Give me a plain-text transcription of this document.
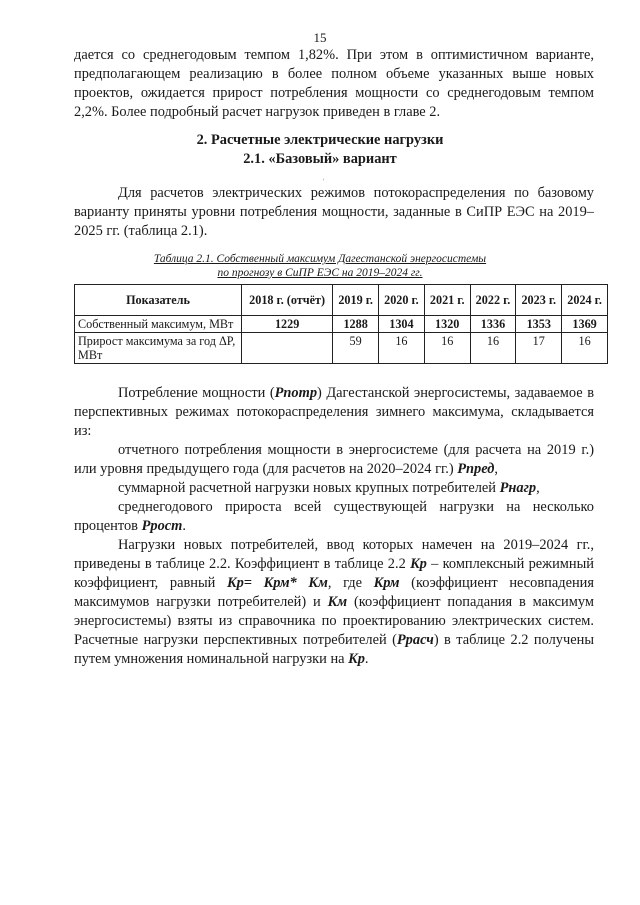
15

дается со среднегодовым темпом 1,82%. При этом в оптимистичном варианте, предполагающем реализацию в более полном объеме указанных выше новых проектов, ожидается прирост потребления мощности со среднегодовым темпом 2,2%. Более подробный расчет нагрузок приведен в главе 2.

2. Расчетные электрические нагрузки
2.1. «Базовый» вариант
ʿ

Для расчетов электрических режимов потокораспределения по базовому варианту приняты уровни потребления мощности, заданные в СиПР ЕЭС на 2019–2025 гг. (таблица 2.1).

Таблица 2.1. Собственный максимум Дагестанской энергосистемы
по прогнозу в СиПР ЕЭС на 2019–2024 гг.
Показатель	2018 г. (отчёт)	2019 г.	2020 г.	2021 г.	2022 г.	2023 г.	2024 г.
Собственный максимум, МВт	1229	1288	1304	1320	1336	1353	1369
Прирост максимума за год ΔP, МВт		59	16	16	16	17	16

Потребление мощности (Pпотр) Дагестанской энергосистемы, задаваемое в перспективных режимах потокораспределения зимнего максимума, складывается из:

отчетного потребления мощности в энергосистеме (для расчета на 2019 г.) или уровня предыдущего года (для расчетов на 2020–2024 гг.) Pпред,

суммарной расчетной нагрузки новых крупных потребителей Pнагр,

среднегодового прироста всей существующей нагрузки на несколько процентов Pрост.

Нагрузки новых потребителей, ввод которых намечен на 2019–2024 гг., приведены в таблице 2.2. Коэффициент в таблице 2.2 Kр – комплексный режимный коэффициент, равный Kр= Kрм* Kм, где Kрм (коэффициент несовпадения максимумов нагрузки потребителей) и Kм (коэффициент попадания в максимум энергосистемы) взяты из справочника по проектированию электрических систем. Расчетные нагрузки перспективных потребителей (Pрасч) в таблице 2.2 получены путем умножения номинальной нагрузки на Kр.
